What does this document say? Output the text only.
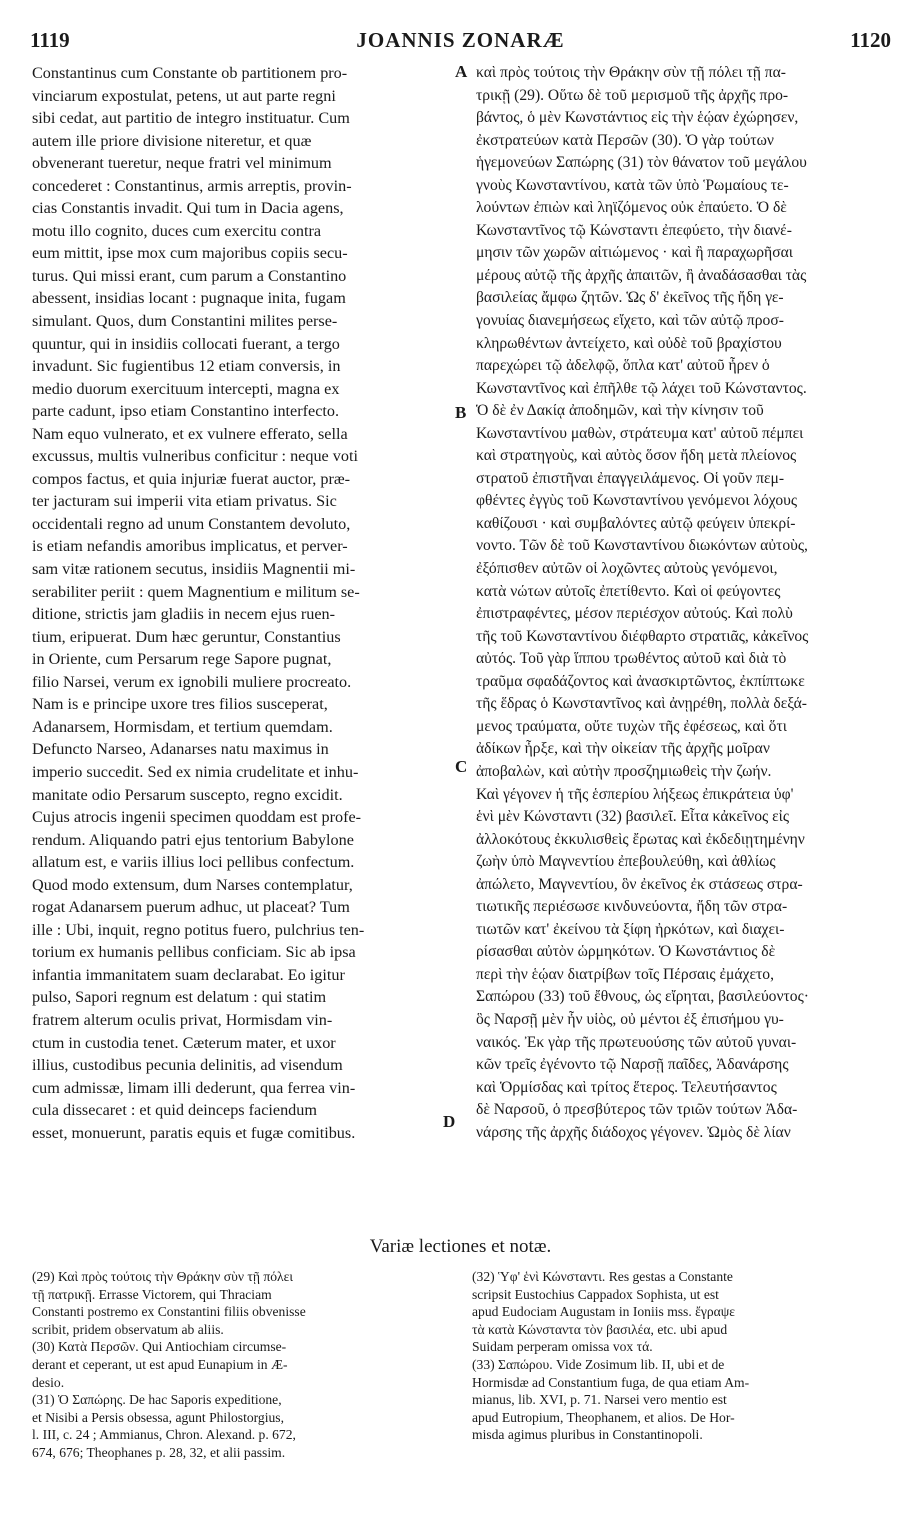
1119	JOANNIS ZONARÆ	1120
Constantinus cum Constante ob partitionem pro-
vinciarum expostulat, petens, ut aut parte regni
sibi cedat, aut partitio de integro instituatur. Cum
autem ille priore divisione niteretur, et quæ
obvenerant tueretur, neque fratri vel minimum
concederet : Constantinus, armis arreptis, provin-
cias Constantis invadit. Qui tum in Dacia agens,
motu illo cognito, duces cum exercitu contra
eum mittit, ipse mox cum majoribus copiis secu-
turus. Qui missi erant, cum parum a Constantino
abessent, insidias locant : pugnaque inita, fugam
simulant. Quos, dum Constantini milites perse-
quuntur, qui in insidiis collocati fuerant, a tergo
invadunt. Sic fugientibus 12 etiam conversis, in
medio duorum exercituum intercepti, magna ex
parte cadunt, ipso etiam Constantino interfecto.
Nam equo vulnerato, et ex vulnere efferato, sella
excussus, multis vulneribus conficitur : neque voti
compos factus, et quia injuriæ fuerat auctor, præ-
ter jacturam sui imperii vita etiam privatus. Sic
occidentali regno ad unum Constantem devoluto,
is etiam nefandis amoribus implicatus, et perver-
sam vitæ rationem secutus, insidiis Magnentii mi-
serabiliter periit : quem Magnentium e militum se-
ditione, strictis jam gladiis in necem ejus ruen-
tium, eripuerat. Dum hæc geruntur, Constantius
in Oriente, cum Persarum rege Sapore pugnat,
filio Narsei, verum ex ignobili muliere procreato.
Nam is e principe uxore tres filios susceperat,
Adanarsem, Hormisdam, et tertium quemdam.
Defuncto Narseo, Adanarses natu maximus in
imperio succedit. Sed ex nimia crudelitate et inhu-
manitate odio Persarum suscepto, regno excidit.
Cujus atrocis ingenii specimen quoddam est profe-
rendum. Aliquando patri ejus tentorium Babylone
allatum est, e variis illius loci pellibus confectum.
Quod modo extensum, dum Narses contemplatur,
rogat Adanarsem puerum adhuc, ut placeat? Tum
ille : Ubi, inquit, regno potitus fuero, pulchrius ten-
torium ex humanis pellibus conficiam. Sic ab ipsa
infantia immanitatem suam declarabat. Eo igitur
pulso, Sapori regnum est delatum : qui statim
fratrem alterum oculis privat, Hormisdam vin-
ctum in custodia tenet. Cæterum mater, et uxor
illius, custodibus pecunia delinitis, ad visendum
cum admissæ, limam illi dederunt, qua ferrea vin-
cula dissecaret : et quid deinceps faciendum
esset, monuerunt, paratis equis et fugæ comitibus.
καὶ πρὸς τούτοις τὴν Θράκην σὺν τῇ πόλει τῇ πα-
τρικῇ (29). Οὕτω δὲ τοῦ μερισμοῦ τῆς ἀρχῆς προ-
βάντος, ὁ μὲν Κωνστάντιος εἰς τὴν ἑῴαν ἐχώρησεν,
ἐκστρατεύων κατὰ Περσῶν (30). Ὁ γὰρ τούτων
ἡγεμονεύων Σαπώρης (31) τὸν θάνατον τοῦ μεγάλου
γνοὺς Κωνσταντίνου, κατὰ τῶν ὑπὸ Ῥωμαίους τε-
λούντων ἐπιὼν καὶ ληϊζόμενος οὐκ ἐπαύετο. Ὁ δὲ
Κωνσταντῖνος τῷ Κώνσταντι ἐπεφύετο, τὴν διανέ-
μησιν τῶν χωρῶν αἰτιώμενος · καὶ ἢ παραχωρῆσαι
μέρους αὐτῷ τῆς ἀρχῆς ἀπαιτῶν, ἢ ἀναδάσασθαι τὰς
βασιλείας ἄμφω ζητῶν. Ὡς δ' ἐκεῖνος τῆς ἤδη γε-
γονυίας διανεμήσεως εἴχετο, καὶ τῶν αὐτῷ προσ-
κληρωθέντων ἀντείχετο, καὶ οὐδὲ τοῦ βραχίστου
παρεχώρει τῷ ἀδελφῷ, ὅπλα κατ' αὐτοῦ ἦρεν ὁ
Κωνσταντῖνος καὶ ἐπῆλθε τῷ λάχει τοῦ Κώνσταντος.
Ὁ δὲ ἐν Δακίᾳ ἀποδημῶν, καὶ τὴν κίνησιν τοῦ
Κωνσταντίνου μαθὼν, στράτευμα κατ' αὐτοῦ πέμπει
καὶ στρατηγοὺς, καὶ αὐτὸς ὅσον ἤδη μετὰ πλείονος
στρατοῦ ἐπιστῆναι ἐπαγγειλάμενος. Οἱ γοῦν πεμ-
φθέντες ἐγγὺς τοῦ Κωνσταντίνου γενόμενοι λόχους
καθίζουσι · καὶ συμβαλόντες αὐτῷ φεύγειν ὑπεκρί-
νοντο. Τῶν δὲ τοῦ Κωνσταντίνου διωκόντων αὐτοὺς,
ἐξόπισθεν αὐτῶν οἱ λοχῶντες αὐτοὺς γενόμενοι,
κατὰ νώτων αὐτοῖς ἐπετίθεντο. Καὶ οἱ φεύγοντες
ἐπιστραφέντες, μέσον περιέσχον αὐτούς. Καὶ πολὺ
τῆς τοῦ Κωνσταντίνου διέφθαρτο στρατιᾶς, κἀκεῖνος
αὐτός. Τοῦ γὰρ ἵππου τρωθέντος αὐτοῦ καὶ διὰ τὸ
τραῦμα σφαδάζοντος καὶ ἀνασκιρτῶντος, ἐκπίπτωκε
τῆς ἕδρας ὁ Κωνσταντῖνος καὶ ἀνῃρέθη, πολλὰ δεξά-
μενος τραύματα, οὔτε τυχὼν τῆς ἐφέσεως, καὶ ὅτι
ἀδίκων ἦρξε, καὶ τὴν οἰκείαν τῆς ἀρχῆς μοῖραν
ἀποβαλὼν, καὶ αὐτὴν προσζημιωθεὶς τὴν ζωήν.
Καὶ γέγονεν ἡ τῆς ἑσπερίου λήξεως ἐπικράτεια ὑφ'
ἑνὶ μὲν Κώνσταντι (32) βασιλεῖ. Εἶτα κἀκεῖνος εἰς
ἀλλοκότους ἐκκυλισθεὶς ἔρωτας καὶ ἐκδεδιῃτημένην
ζωὴν ὑπὸ Μαγνεντίου ἐπεβουλεύθη, καὶ ἀθλίως
ἀπώλετο, Μαγνεντίου, ὃν ἐκεῖνος ἐκ στάσεως στρα-
τιωτικῆς περιέσωσε κινδυνεύοντα, ἤδη τῶν στρα-
τιωτῶν κατ' ἐκείνου τὰ ξίφη ἠρκότων, καὶ διαχει-
ρίσασθαι αὐτὸν ὡρμηκότων. Ὁ Κωνστάντιος δὲ
περὶ τὴν ἑῴαν διατρίβων τοῖς Πέρσαις ἐμάχετο,
Σαπώρου (33) τοῦ ἔθνους, ὡς εἴρηται, βασιλεύοντος·
ὃς Ναρσῇ μὲν ἦν υἱὸς, οὐ μέντοι ἐξ ἐπισήμου γυ-
ναικός. Ἐκ γὰρ τῆς πρωτευούσης τῶν αὐτοῦ γυναι-
κῶν τρεῖς ἐγένοντο τῷ Ναρσῇ παῖδες, Ἀδανάρσης
καὶ Ὁρμίσδας καὶ τρίτος ἕτερος. Τελευτήσαντος
δὲ Ναρσοῦ, ὁ πρεσβύτερος τῶν τριῶν τούτων Ἀδα-
νάρσης τῆς ἀρχῆς διάδοχος γέγονεν. Ὠμὸς δὲ λίαν
A
B
C
D
Variæ lectiones et notæ.
(29) Καὶ πρὸς τούτοις τὴν Θράκην σὺν τῇ πόλει
τῇ πατρικῇ. Errasse Victorem, qui Thraciam
Constanti postremo ex Constantini filiis obvenisse
scribit, pridem observatum ab aliis.
(30) Κατὰ Περσῶν. Qui Antiochiam circumse-
derant et ceperant, ut est apud Eunapium in Æ-
desio.
(31) Ὁ Σαπώρης. De hac Saporis expeditione,
et Nisibi a Persis obsessa, agunt Philostorgius,
l. III, c. 24 ; Ammianus, Chron. Alexand. p. 672,
674, 676; Theophanes p. 28, 32, et alii passim.
(32) Ὑφ' ἑνὶ Κώνσταντι. Res gestas a Constante
scripsit Eustochius Cappadox Sophista, ut est
apud Eudociam Augustam in Ioniis mss. ἔγραψε
τὰ κατὰ Κώνσταντα τὸν βασιλέα, etc. ubi apud
Suidam perperam omissa vox τά.
(33) Σαπώρου. Vide Zosimum lib. II, ubi et de
Hormisdæ ad Constantium fuga, de qua etiam Am-
mianus, lib. XVI, p. 71. Narsei vero mentio est
apud Eutropium, Theophanem, et alios. De Hor-
misda agimus pluribus in Constantinopoli.
